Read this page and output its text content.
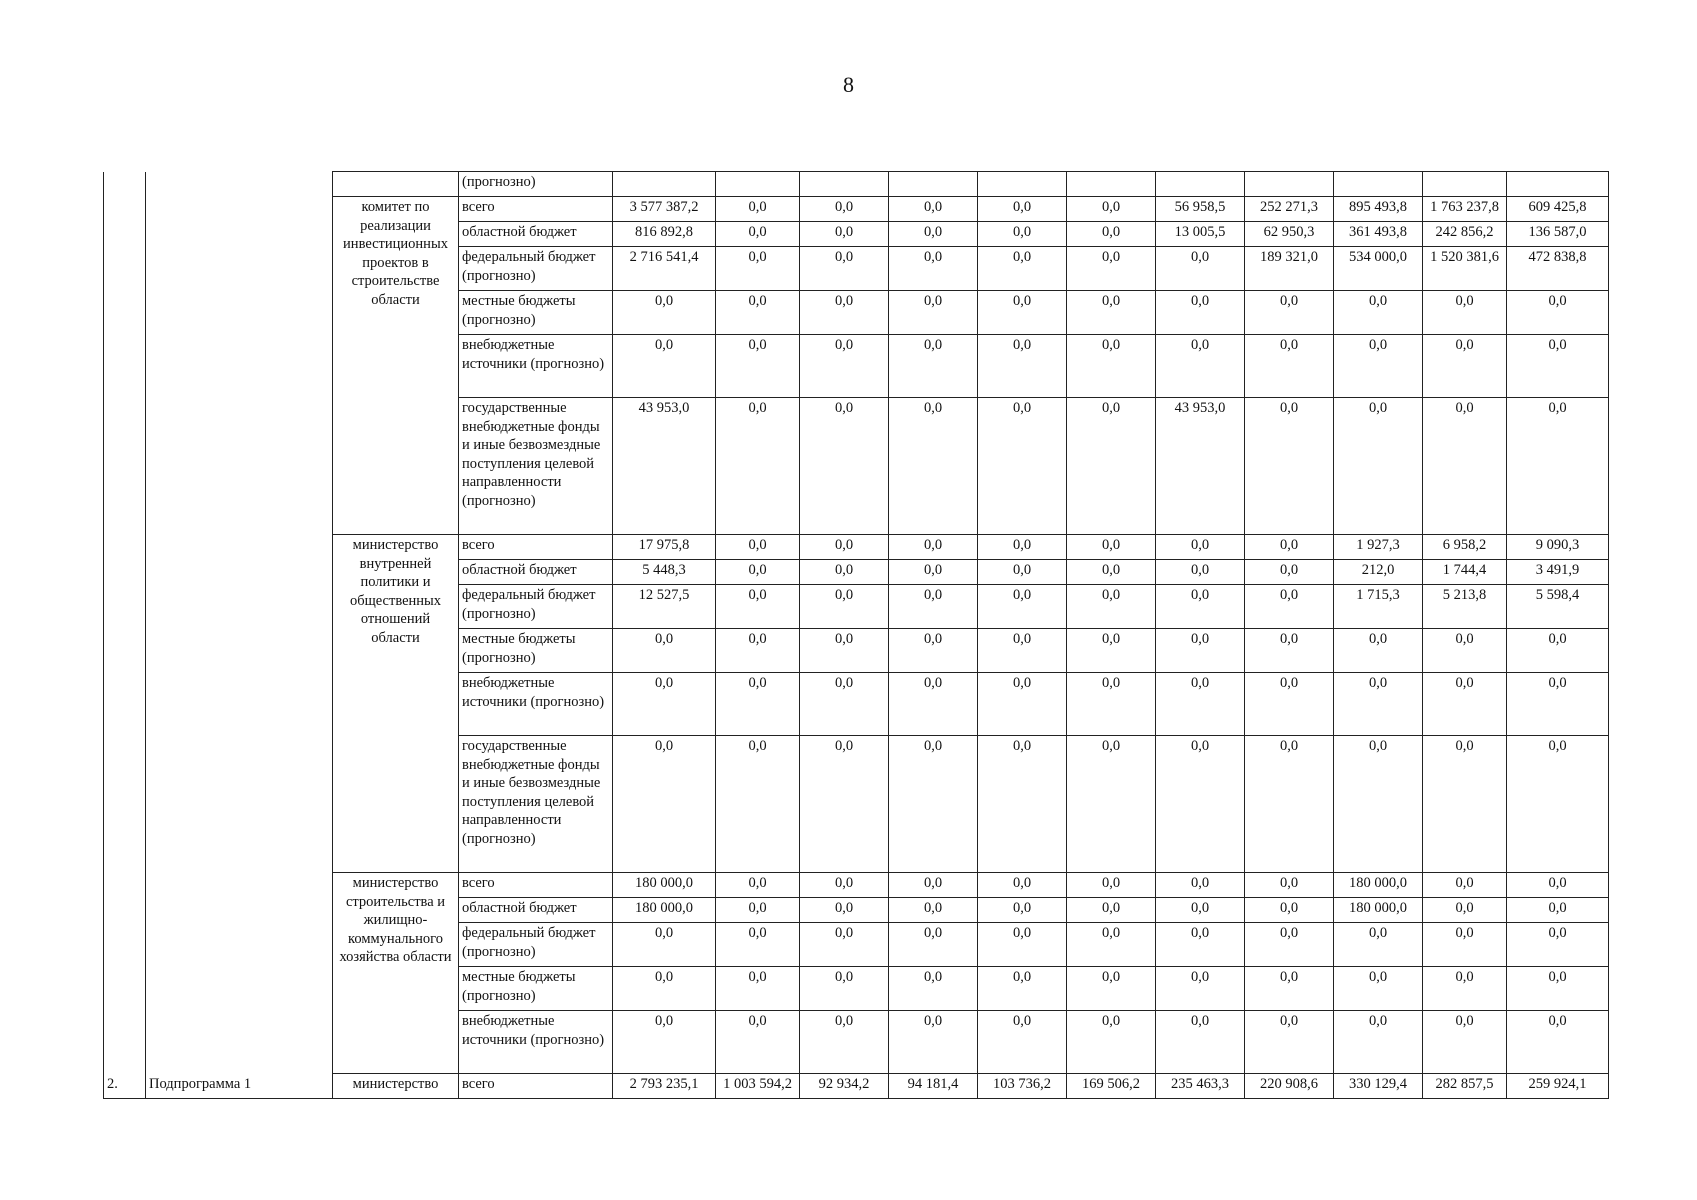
8
			(прогнозно)											
		комитет по реализации инвестиционных проектов в строительстве области	всего	3 577 387,2	0,0	0,0	0,0	0,0	0,0	56 958,5	252 271,3	895 493,8	1 763 237,8	609 425,8
			областной бюджет	816 892,8	0,0	0,0	0,0	0,0	0,0	13 005,5	62 950,3	361 493,8	242 856,2	136 587,0
			федеральный бюджет (прогнозно)	2 716 541,4	0,0	0,0	0,0	0,0	0,0	0,0	189 321,0	534 000,0	1 520 381,6	472 838,8
			местные бюджеты (прогнозно)	0,0	0,0	0,0	0,0	0,0	0,0	0,0	0,0	0,0	0,0	0,0
			внебюджетные источники (прогнозно)	0,0	0,0	0,0	0,0	0,0	0,0	0,0	0,0	0,0	0,0	0,0
			государственные внебюджетные фонды и иные безвозмездные поступления целевой направленности (прогнозно)	43 953,0	0,0	0,0	0,0	0,0	0,0	43 953,0	0,0	0,0	0,0	0,0
		министерство внутренней политики и общественных отношений области	всего	17 975,8	0,0	0,0	0,0	0,0	0,0	0,0	0,0	1 927,3	6 958,2	9 090,3
			областной бюджет	5 448,3	0,0	0,0	0,0	0,0	0,0	0,0	0,0	212,0	1 744,4	3 491,9
			федеральный бюджет (прогнозно)	12 527,5	0,0	0,0	0,0	0,0	0,0	0,0	0,0	1 715,3	5 213,8	5 598,4
			местные бюджеты (прогнозно)	0,0	0,0	0,0	0,0	0,0	0,0	0,0	0,0	0,0	0,0	0,0
			внебюджетные источники (прогнозно)	0,0	0,0	0,0	0,0	0,0	0,0	0,0	0,0	0,0	0,0	0,0
			государственные внебюджетные фонды и иные безвозмездные поступления целевой направленности (прогнозно)	0,0	0,0	0,0	0,0	0,0	0,0	0,0	0,0	0,0	0,0	0,0
		министерство строительства и жилищно-коммунального хозяйства области	всего	180 000,0	0,0	0,0	0,0	0,0	0,0	0,0	0,0	180 000,0	0,0	0,0
			областной бюджет	180 000,0	0,0	0,0	0,0	0,0	0,0	0,0	0,0	180 000,0	0,0	0,0
			федеральный бюджет (прогнозно)	0,0	0,0	0,0	0,0	0,0	0,0	0,0	0,0	0,0	0,0	0,0
			местные бюджеты (прогнозно)	0,0	0,0	0,0	0,0	0,0	0,0	0,0	0,0	0,0	0,0	0,0
			внебюджетные источники (прогнозно)	0,0	0,0	0,0	0,0	0,0	0,0	0,0	0,0	0,0	0,0	0,0
2.	Подпрограмма 1	министерство	всего	2 793 235,1	1 003 594,2	92 934,2	94 181,4	103 736,2	169 506,2	235 463,3	220 908,6	330 129,4	282 857,5	259 924,1
